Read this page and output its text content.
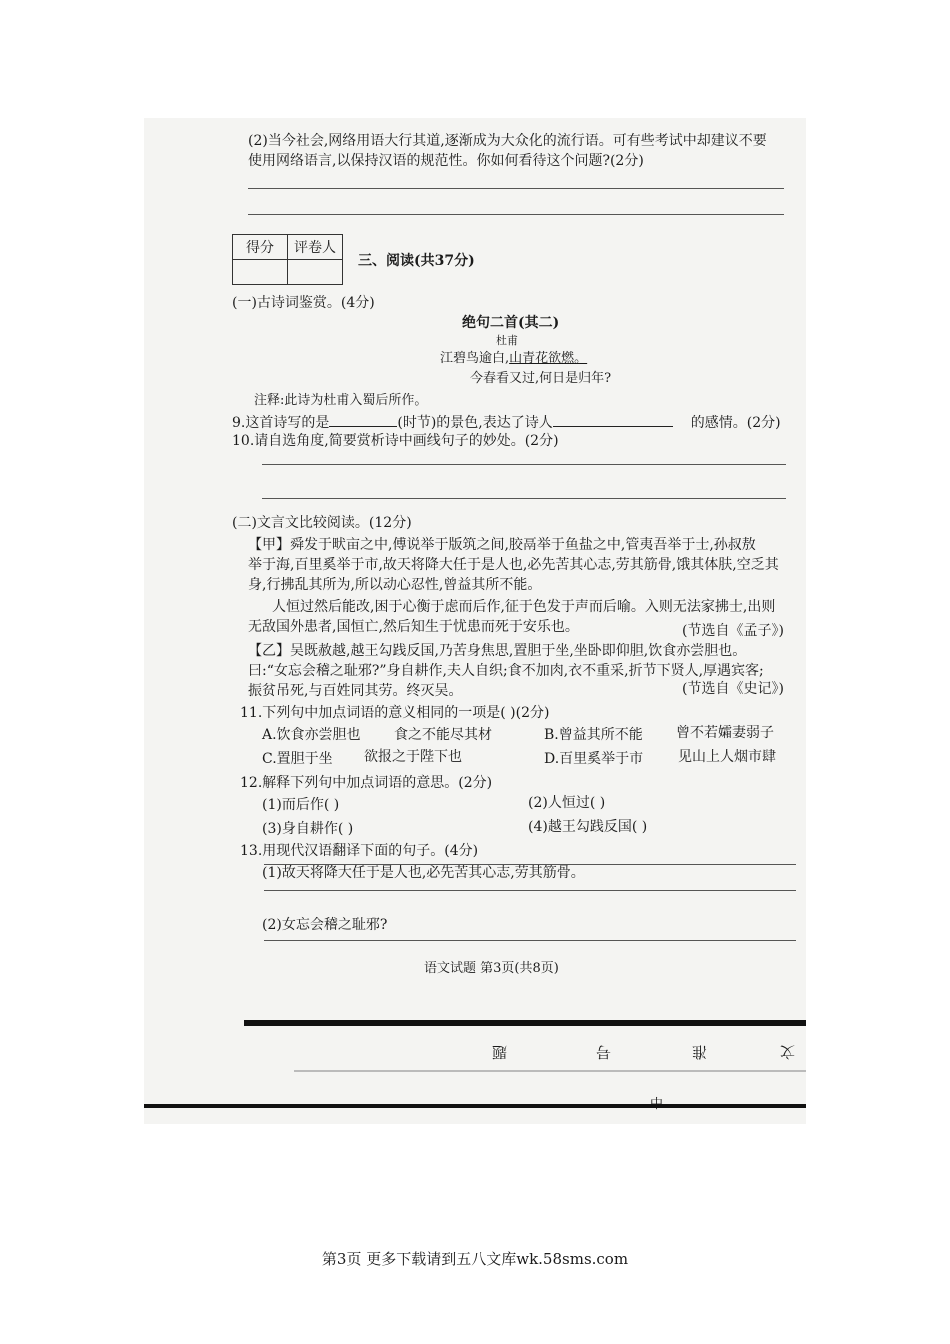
(2)当今社会,网络用语大行其道,逐渐成为大众化的流行语。可有些考试中却建议不要
使用网络语言,以保持汉语的规范性。你如何看待这个问题?(2分)
得分	评卷人

三、阅读(共37分)
(一)古诗词鉴赏。(4分)
绝句二首(其二)
杜甫
江碧鸟逾白,山青花欲燃。
今春看又过,何日是归年?
注释:此诗为杜甫入蜀后所作。
9.这首诗写的是	(时节)的景色,表达了诗人	的感情。(2分)
10.请自选角度,简要赏析诗中画线句子的妙处。(2分)
(二)文言文比较阅读。(12分)
【甲】舜发于畎亩之中,傅说举于版筑之间,胶鬲举于鱼盐之中,管夷吾举于士,孙叔敖
举于海,百里奚举于市,故天将降大任于是人也,必先苦其心志,劳其筋骨,饿其体肤,空乏其
身,行拂乱其所为,所以动心忍性,曾益其所不能。
人恒过然后能改,困于心衡于虑而后作,征于色发于声而后喻。入则无法家拂士,出则
无敌国外患者,国恒亡,然后知生于忧患而死于安乐也。	(节选自《孟子》)
【乙】吴既赦越,越王勾践反国,乃苦身焦思,置胆于坐,坐卧即仰胆,饮食亦尝胆也。
曰:“女忘会稽之耻邪?”身自耕作,夫人自织;食不加肉,衣不重采,折节下贤人,厚遇宾客;
(节选自《史记》)
振贫吊死,与百姓同其劳。终灭吴。
11.下列句中加点词语的意义相同的一项是( )(2分)
A.饮食亦尝胆也 食之不能尽其材	B.曾益其所不能 曾不若孀妻弱子
C.置胆于坐 欲报之于陛下也	D.百里奚举于市 见山上人烟市肆
12.解释下列句中加点词语的意思。(2分)
(1)而后作( )	(2)人恒过( )
(3)身自耕作( )	(4)越王勾践反国( )
13.用现代汉语翻译下面的句子。(4分)
(1)故天将降大任于是人也,必先苦其心志,劳其筋骨。
(2)女忘会稽之耻邪?
语文试题 第3页(共8页)
题	号	准	文
第3页 更多下载请到五八文库wk.58sms.com
